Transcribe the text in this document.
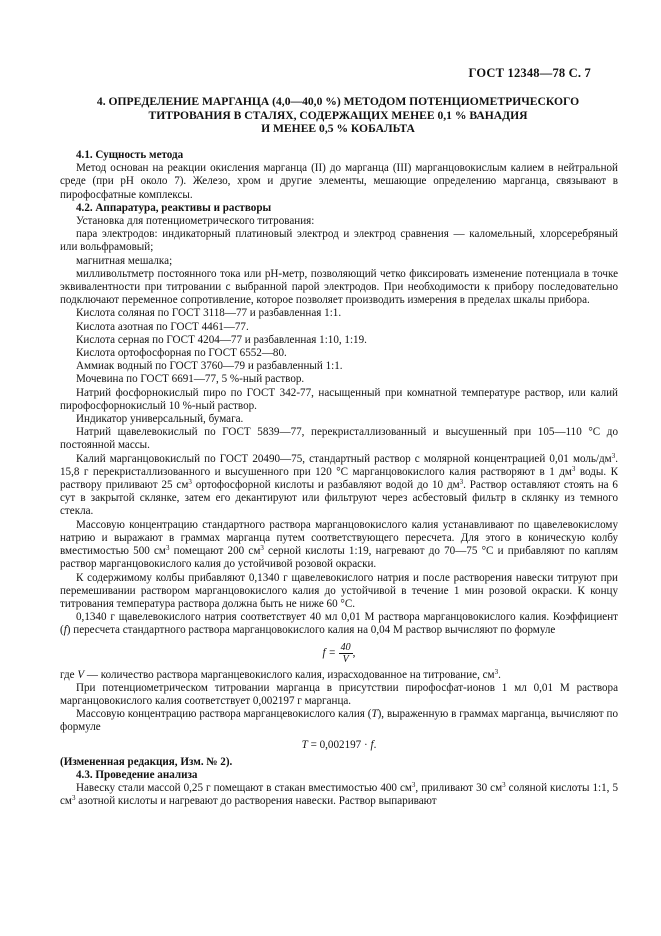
ГОСТ 12348—78 С. 7
4. ОПРЕДЕЛЕНИЕ МАРГАНЦА (4,0—40,0 %) МЕТОДОМ ПОТЕНЦИОМЕТРИЧЕСКОГО
ТИТРОВАНИЯ В СТАЛЯХ, СОДЕРЖАЩИХ МЕНЕЕ 0,1 % ВАНАДИЯ
И МЕНЕЕ 0,5 % КОБАЛЬТА

4.1. Сущность метода

Метод основан на реакции окисления марганца (II) до марганца (III) марганцовокислым калием в нейтральной среде (при pH около 7). Железо, хром и другие элементы, мешающие определению марганца, связывают в пирофосфатные комплексы.

4.2. Аппаратура, реактивы и растворы

Установка для потенциометрического титрования:

пара электродов: индикаторный платиновый электрод и электрод сравнения — каломельный, хлорсеребряный или вольфрамовый;

магнитная мешалка;

милливольтметр постоянного тока или pH-метр, позволяющий четко фиксировать изменение потенциала в точке эквивалентности при титровании с выбранной парой электродов. При необходимости к прибору последовательно подключают переменное сопротивление, которое позволяет производить измерения в пределах шкалы прибора.

Кислота соляная по ГОСТ 3118—77 и разбавленная 1:1.

Кислота азотная по ГОСТ 4461—77.

Кислота серная по ГОСТ 4204—77 и разбавленная 1:10, 1:19.

Кислота ортофосфорная по ГОСТ 6552—80.

Аммиак водный по ГОСТ 3760—79 и разбавленный 1:1.

Мочевина по ГОСТ 6691—77, 5 %-ный раствор.

Натрий фосфорнокислый пиро по ГОСТ 342-77, насыщенный при комнатной температуре раствор, или калий пирофосфорнокислый 10 %-ный раствор.

Индикатор универсальный, бумага.

Натрий щавелевокислый по ГОСТ 5839—77, перекристаллизованный и высушенный при 105—110 °С до постоянной массы.

Калий марганцовокислый по ГОСТ 20490—75, стандартный раствор с молярной концентрацией 0,01 моль/$дм^3$. 15,8 г перекристаллизованного и высушенного при 120 °С марганцовокислого калия растворяют в 1 $дм^3$ воды. К раствору приливают 25 $см^3$ ортофосфорной кислоты и разбавляют водой до 10 $дм^3$. Раствор оставляют стоять на 6 сут в закрытой склянке, затем его декантируют или фильтруют через асбестовый фильтр в склянку из темного стекла.

Массовую концентрацию стандартного раствора марганцовокислого калия устанавливают по щавелевокислому натрию и выражают в граммах марганца путем соответствующего пересчета. Для этого в коническую колбу вместимостью 500 $см^3$ помещают 200 $см^3$ серной кислоты 1:19, нагревают до 70—75 °С и прибавляют по каплям раствор марганцовокислого калия до устойчивой розовой окраски.

К содержимому колбы прибавляют 0,1340 г щавелевокислого натрия и после растворения навески титруют при перемешивании раствором марганцовокислого калия до устойчивой в течение 1 мин розовой окраски. К концу титрования температура раствора должна быть не ниже 60 °С.

0,1340 г щавелевокислого натрия соответствует 40 мл 0,01 М раствора марганцовокислого калия. Коэффициент (f) пересчета стандартного раствора марганцовокислого калия на 0,04 М раствор вычисляют по формуле

$f = \frac{40}{V}$ ,

где V — количество раствора марганцевокислого калия, израсходованное на титрование, $см^3$.

При потенциометрическом титровании марганца в присутствии пирофосфат-ионов 1 мл 0,01 М раствора марганцовокислого калия соответствует 0,002197 г марганца.

Массовую концентрацию раствора марганцевокислого калия (T), выраженную в граммах марганца, вычисляют по формуле

T = 0,002197 · f.

(Измененная редакция, Изм. № 2).

4.3. Проведение анализа

Навеску стали массой 0,25 г помещают в стакан вместимостью 400 $см^3$, приливают 30 $см^3$ соляной кислоты 1:1, 5 $см^3$ азотной кислоты и нагревают до растворения навески. Раствор выпаривают
